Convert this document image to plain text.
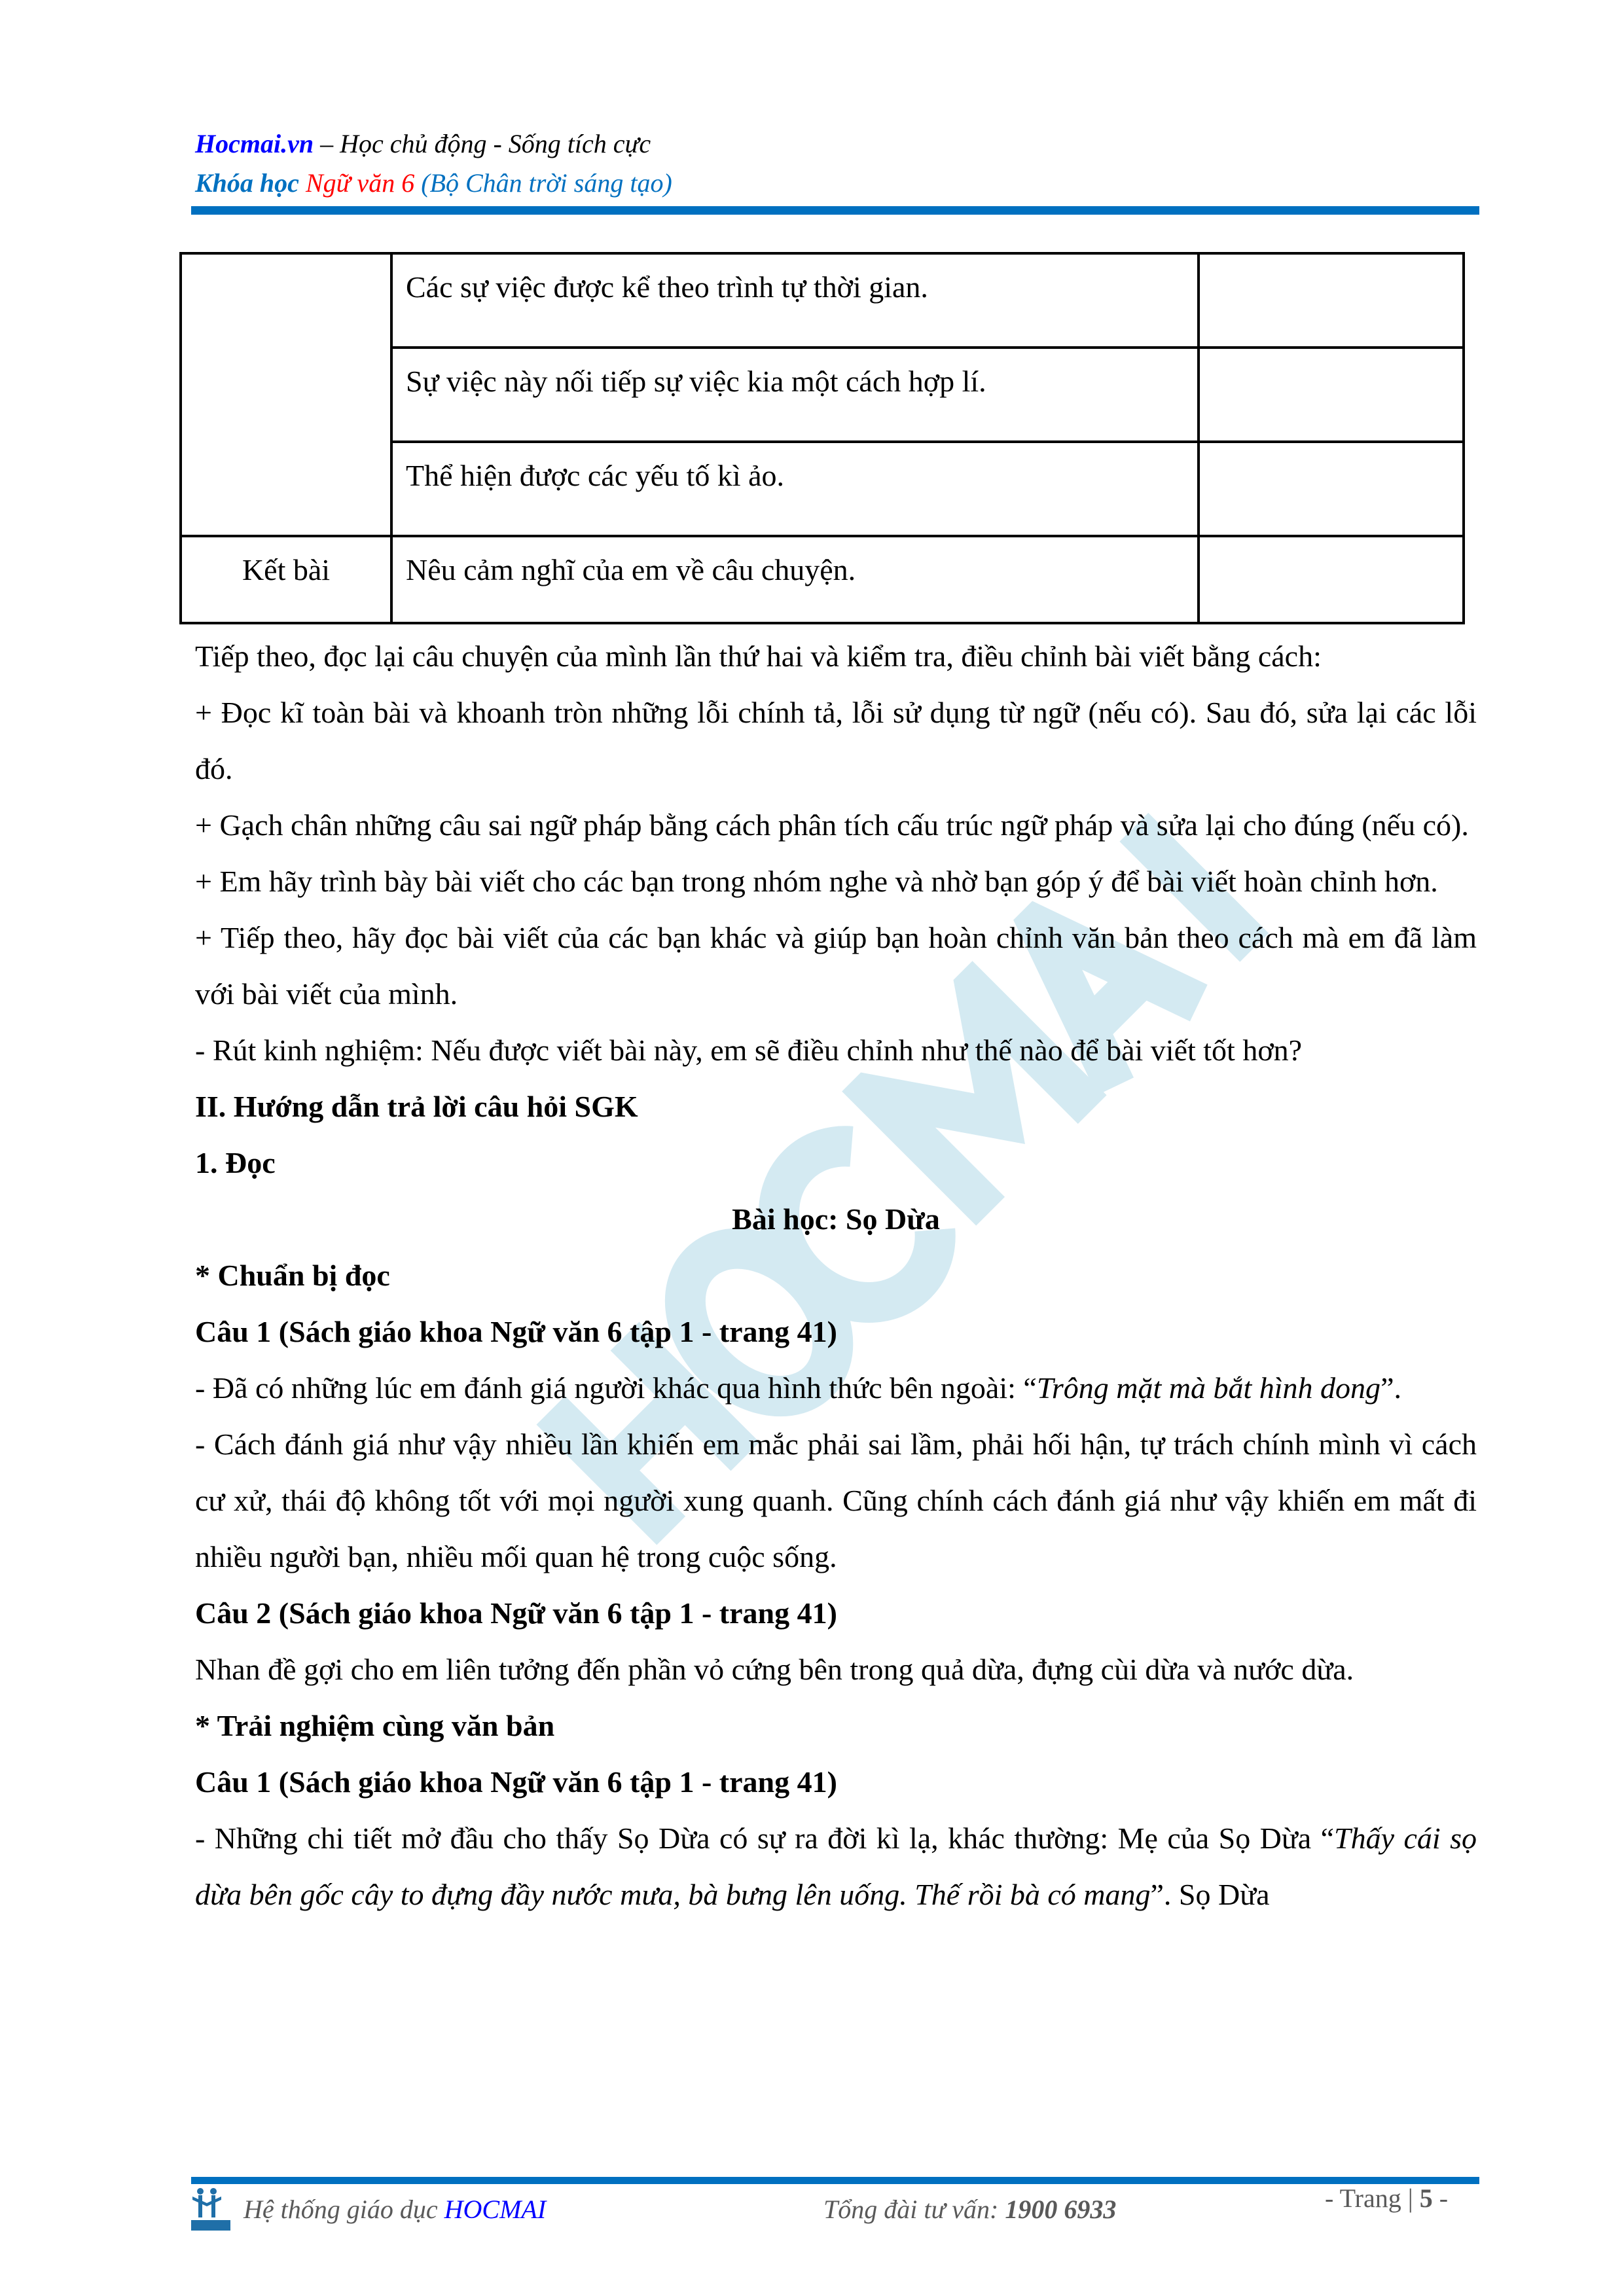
Hocmai.vn – Học chủ động - Sống tích cực
Khóa học Ngữ văn 6 (Bộ Chân trời sáng tạo)

	Các sự việc được kể theo trình tự thời gian.	

	Sự việc này nối tiếp sự việc kia một cách hợp lí.	

	Thể hiện được các yếu tố kì ảo.	

Kết bài	Nêu cảm nghĩ của em về câu chuyện.	

Tiếp theo, đọc lại câu chuyện của mình lần thứ hai và kiểm tra, điều chỉnh bài viết bằng cách:

+ Đọc kĩ toàn bài và khoanh tròn những lỗi chính tả, lỗi sử dụng từ ngữ (nếu có). Sau đó, sửa lại các lỗi đó.

+ Gạch chân những câu sai ngữ pháp bằng cách phân tích cấu trúc ngữ pháp và sửa lại cho đúng (nếu có).

+ Em hãy trình bày bài viết cho các bạn trong nhóm nghe và nhờ bạn góp ý để bài viết hoàn chỉnh hơn.

+ Tiếp theo, hãy đọc bài viết của các bạn khác và giúp bạn hoàn chỉnh văn bản theo cách mà em đã làm với bài viết của mình.

- Rút kinh nghiệm: Nếu được viết bài này, em sẽ điều chỉnh như thế nào để bài viết tốt hơn?

II. Hướng dẫn trả lời câu hỏi SGK

1. Đọc

Bài học: Sọ Dừa

* Chuẩn bị đọc

Câu 1 (Sách giáo khoa Ngữ văn 6 tập 1 - trang 41)

- Đã có những lúc em đánh giá người khác qua hình thức bên ngoài: “Trông mặt mà bắt hình dong”.

- Cách đánh giá như vậy nhiều lần khiến em mắc phải sai lầm, phải hối hận, tự trách chính mình vì cách cư xử, thái độ không tốt với mọi người xung quanh. Cũng chính cách đánh giá như vậy khiến em mất đi nhiều người bạn, nhiều mối quan hệ trong cuộc sống.

Câu 2 (Sách giáo khoa Ngữ văn 6 tập 1 - trang 41)

Nhan đề gợi cho em liên tưởng đến phần vỏ cứng bên trong quả dừa, đựng cùi dừa và nước dừa.

* Trải nghiệm cùng văn bản

Câu 1 (Sách giáo khoa Ngữ văn 6 tập 1 - trang 41)

- Những chi tiết mở đầu cho thấy Sọ Dừa có sự ra đời kì lạ, khác thường: Mẹ của Sọ Dừa “Thấy cái sọ dừa bên gốc cây to đựng đầy nước mưa, bà bưng lên uống. Thế rồi bà có mang”. Sọ Dừa

Hệ thống giáo dục HOCMAI	Tổng đài tư vấn: 1900 6933	- Trang | 5 -
